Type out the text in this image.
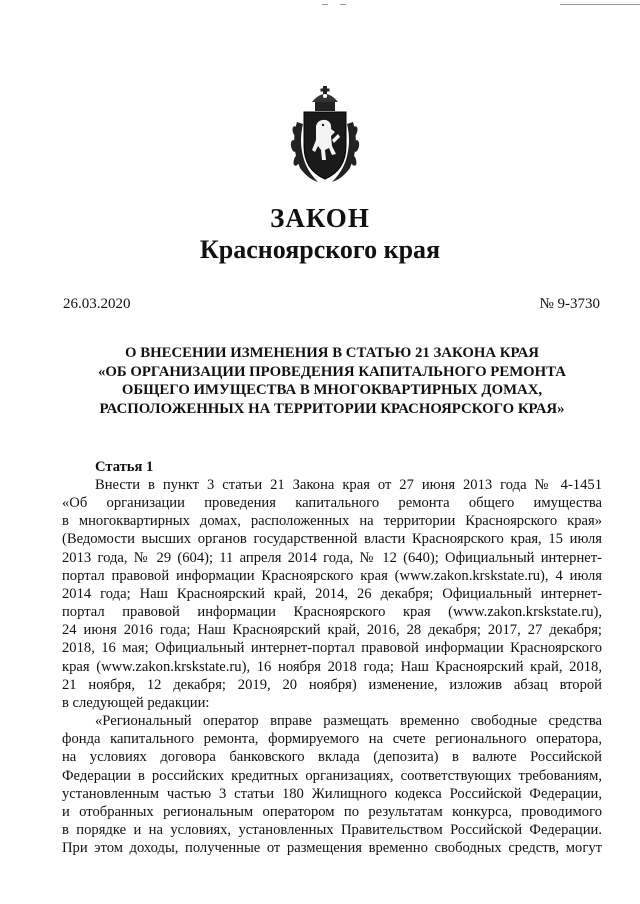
ЗАКОН
Красноярского края
26.03.2020	№ 9-3730
О ВНЕСЕНИИ ИЗМЕНЕНИЯ В СТАТЬЮ 21 ЗАКОНА КРАЯ
«ОБ ОРГАНИЗАЦИИ ПРОВЕДЕНИЯ КАПИТАЛЬНОГО РЕМОНТА
ОБЩЕГО ИМУЩЕСТВА В МНОГОКВАРТИРНЫХ ДОМАХ,
РАСПОЛОЖЕННЫХ НА ТЕРРИТОРИИ КРАСНОЯРСКОГО КРАЯ»
Статья 1

Внести в пункт 3 статьи 21 Закона края от 27 июня 2013 года № 4-1451
«Об организации проведения капитального ремонта общего имущества
в многоквартирных домах, расположенных на территории Красноярского края»
(Ведомости высших органов государственной власти Красноярского края, 15 июля
2013 года, № 29 (604); 11 апреля 2014 года, № 12 (640); Официальный интернет-
портал правовой информации Красноярского края (www.zakon.krskstate.ru), 4 июля
2014 года; Наш Красноярский край, 2014, 26 декабря; Официальный интернет-
портал правовой информации Красноярского края (www.zakon.krskstate.ru),
24 июня 2016 года; Наш Красноярский край, 2016, 28 декабря; 2017, 27 декабря;
2018, 16 мая; Официальный интернет-портал правовой информации Красноярского
края (www.zakon.krskstate.ru), 16 ноября 2018 года; Наш Красноярский край, 2018,
21 ноября, 12 декабря; 2019, 20 ноября) изменение, изложив абзац второй
в следующей редакции:

«Региональный оператор вправе размещать временно свободные средства
фонда капитального ремонта, формируемого на счете регионального оператора,
на условиях договора банковского вклада (депозита) в валюте Российской
Федерации в российских кредитных организациях, соответствующих требованиям,
установленным частью 3 статьи 180 Жилищного кодекса Российской Федерации,
и отобранных региональным оператором по результатам конкурса, проводимого
в порядке и на условиях, установленных Правительством Российской Федерации.
При этом доходы, полученные от размещения временно свободных средств, могут
